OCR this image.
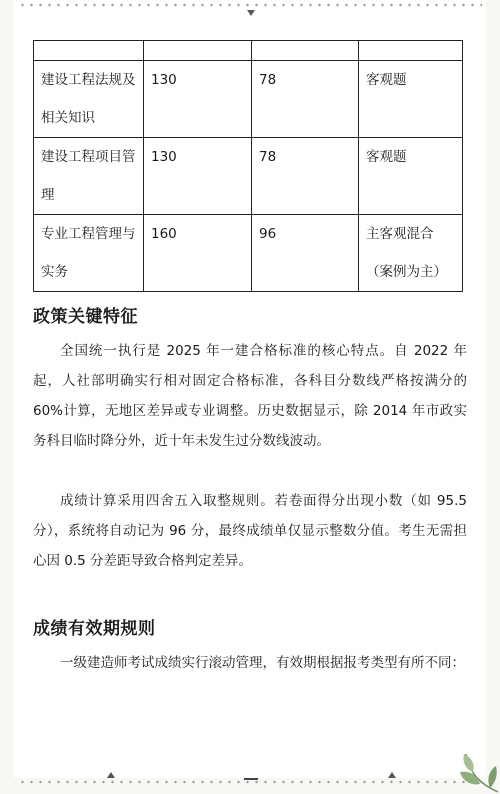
建设工程法规及相关知识	130	78	客观题

建设工程项目管理	130	78	客观题

专业工程管理与实务	160	96	主客观混合（案例为主）
政策关键特征

全国统一执行是 2025 年一建合格标准的核心特点。自 2022 年起，人社部明确实行相对固定合格标准，各科目分数线严格按满分的 60%计算，无地区差异或专业调整。历史数据显示，除 2014 年市政实务科目临时降分外，近十年未发生过分数线波动。

成绩计算采用四舍五入取整规则。若卷面得分出现小数（如 95.5 分），系统将自动记为 96 分，最终成绩单仅显示整数分值。考生无需担心因 0.5 分差距导致合格判定差异。

成绩有效期规则

一级建造师考试成绩实行滚动管理，有效期根据报考类型有所不同：
